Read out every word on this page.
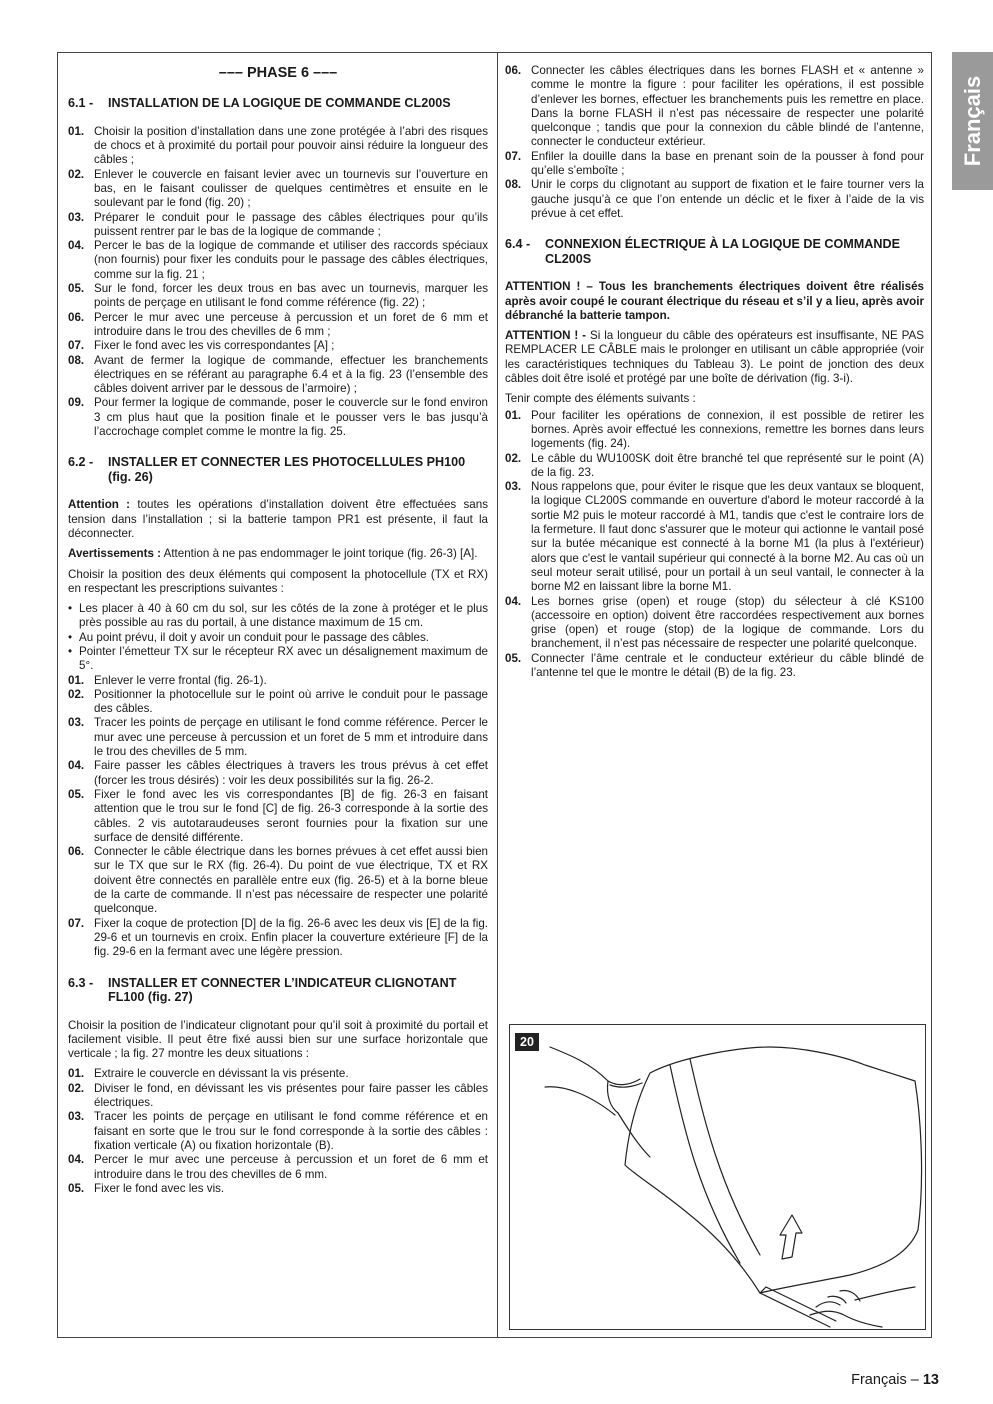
Français
––– PHASE 6 –––
6.1 -	INSTALLATION DE LA LOGIQUE DE COMMANDE CL200S
01. Choisir la position d’installation dans une zone protégée à l’abri des risques de chocs et à proximité du portail pour pouvoir ainsi réduire la longueur des câbles ;
02. Enlever le couvercle en faisant levier avec un tournevis sur l’ouverture en bas, en le faisant coulisser de quelques centimètres et ensuite en le soulevant par le fond (fig. 20) ;
03. Préparer le conduit pour le passage des câbles électriques pour qu’ils puissent rentrer par le bas de la logique de commande ;
04. Percer le bas de la logique de commande et utiliser des raccords spéciaux (non fournis) pour fixer les conduits pour le passage des câbles électriques, comme sur la fig. 21 ;
05. Sur le fond, forcer les deux trous en bas avec un tournevis, marquer les points de perçage en utilisant le fond comme référence (fig. 22) ;
06. Percer le mur avec une perceuse à percussion et un foret de 6 mm et introduire dans le trou des chevilles de 6 mm ;
07. Fixer le fond avec les vis correspondantes [A] ;
08. Avant de fermer la logique de commande, effectuer les branchements électriques en se référant au paragraphe 6.4 et à la fig. 23 (l’ensemble des câbles doivent arriver par le dessous de l’armoire) ;
09. Pour fermer la logique de commande, poser le couvercle sur le fond environ 3 cm plus haut que la position finale et le pousser vers le bas jusqu’à l’accrochage complet comme le montre la fig. 25.
6.2 -	INSTALLER ET CONNECTER LES PHOTOCELLULES PH100 (fig. 26)

Attention : toutes les opérations d’installation doivent être effectuées sans tension dans l’installation ; si la batterie tampon PR1 est présente, il faut la déconnecter.

Avertissements : Attention à ne pas endommager le joint torique (fig. 26-3) [A].

Choisir la position des deux éléments qui composent la photocellule (TX et RX) en respectant les prescriptions suivantes :

• Les placer à 40 à 60 cm du sol, sur les côtés de la zone à protéger et le plus près possible au ras du portail, à une distance maximum de 15 cm.
• Au point prévu, il doit y avoir un conduit pour le passage des câbles.
• Pointer l’émetteur TX sur le récepteur RX avec un désalignement maximum de 5°.
01. Enlever le verre frontal (fig. 26-1).
02. Positionner la photocellule sur le point où arrive le conduit pour le passage des câbles.
03. Tracer les points de perçage en utilisant le fond comme référence. Percer le mur avec une perceuse à percussion et un foret de 5 mm et introduire dans le trou des chevilles de 5 mm.
04. Faire passer les câbles électriques à travers les trous prévus à cet effet (forcer les trous désirés) : voir les deux possibilités sur la fig. 26-2.
05. Fixer le fond avec les vis correspondantes [B] de fig. 26-3 en faisant attention que le trou sur le fond [C] de fig. 26-3 corresponde à la sortie des câbles. 2 vis autotaraudeuses seront fournies pour la fixation sur une surface de densité différente.
06. Connecter le câble électrique dans les bornes prévues à cet effet aussi bien sur le TX que sur le RX (fig. 26-4). Du point de vue électrique, TX et RX doivent être connectés en parallèle entre eux (fig. 26-5) et à la borne bleue de la carte de commande. Il n’est pas nécessaire de respecter une polarité quelconque.
07. Fixer la coque de protection [D] de la fig. 26-6 avec les deux vis [E] de la fig. 29-6 et un tournevis en croix. Enfin placer la couverture extérieure [F] de la fig. 29-6 en la fermant avec une légère pression.
6.3 -	INSTALLER ET CONNECTER L’INDICATEUR CLIGNOTANT FL100 (fig. 27)

Choisir la position de l’indicateur clignotant pour qu’il soit à proximité du portail et facilement visible. Il peut être fixé aussi bien sur une surface horizontale que verticale ; la fig. 27 montre les deux situations :

01. Extraire le couvercle en dévissant la vis présente.
02. Diviser le fond, en dévissant les vis présentes pour faire passer les câbles électriques.
03. Tracer les points de perçage en utilisant le fond comme référence et en faisant en sorte que le trou sur le fond corresponde à la sortie des câbles : fixation verticale (A) ou fixation horizontale (B).
04. Percer le mur avec une perceuse à percussion et un foret de 6 mm et introduire dans le trou des chevilles de 6 mm.
05. Fixer le fond avec les vis.
06. Connecter les câbles électriques dans les bornes FLASH et « antenne » comme le montre la figure : pour faciliter les opérations, il est possible d’enlever les bornes, effectuer les branchements puis les remettre en place. Dans la borne FLASH il n’est pas nécessaire de respecter une polarité quelconque ; tandis que pour la connexion du câble blindé de l’antenne, connecter le conducteur extérieur.
07. Enfiler la douille dans la base en prenant soin de la pousser à fond pour qu’elle s’emboîte ;
08. Unir le corps du clignotant au support de fixation et le faire tourner vers la gauche jusqu’à ce que l’on entende un déclic et le fixer à l’aide de la vis prévue à cet effet.
6.4 -	CONNEXION ÉLECTRIQUE À LA LOGIQUE DE COMMANDE CL200S

ATTENTION ! – Tous les branchements électriques doivent être réalisés après avoir coupé le courant électrique du réseau et s’il y a lieu, après avoir débranché la batterie tampon.

ATTENTION ! - Si la longueur du câble des opérateurs est insuffisante, NE PAS REMPLACER LE CÂBLE mais le prolonger en utilisant un câble appropriée (voir les caractéristiques techniques du Tableau 3). Le point de jonction des deux câbles doit être isolé et protégé par une boîte de dérivation (fig. 3-i).

Tenir compte des éléments suivants :

01. Pour faciliter les opérations de connexion, il est possible de retirer les bornes. Après avoir effectué les connexions, remettre les bornes dans leurs logements (fig. 24).
02. Le câble du WU100SK doit être branché tel que représenté sur le point (A) de la fig. 23.
03. Nous rappelons que, pour éviter le risque que les deux vantaux se bloquent, la logique CL200S commande en ouverture d'abord le moteur raccordé à la sortie M2 puis le moteur raccordé à M1, tandis que c'est le contraire lors de la fermeture. Il faut donc s'assurer que le moteur qui actionne le vantail posé sur la butée mécanique est connecté à la borne M1 (la plus à l'extérieur) alors que c'est le vantail supérieur qui connecté à la borne M2. Au cas où un seul moteur serait utilisé, pour un portail à un seul vantail, le connecter à la borne M2 en laissant libre la borne M1.
04. Les bornes grise (open) et rouge (stop) du sélecteur à clé KS100 (accessoire en option) doivent être raccordées respectivement aux bornes grise (open) et rouge (stop) de la logique de commande. Lors du branchement, il n’est pas nécessaire de respecter une polarité quelconque.
05. Connecter l’âme centrale et le conducteur extérieur du câble blindé de l’antenne tel que le montre le détail (B) de la fig. 23.
20
Français – 13
